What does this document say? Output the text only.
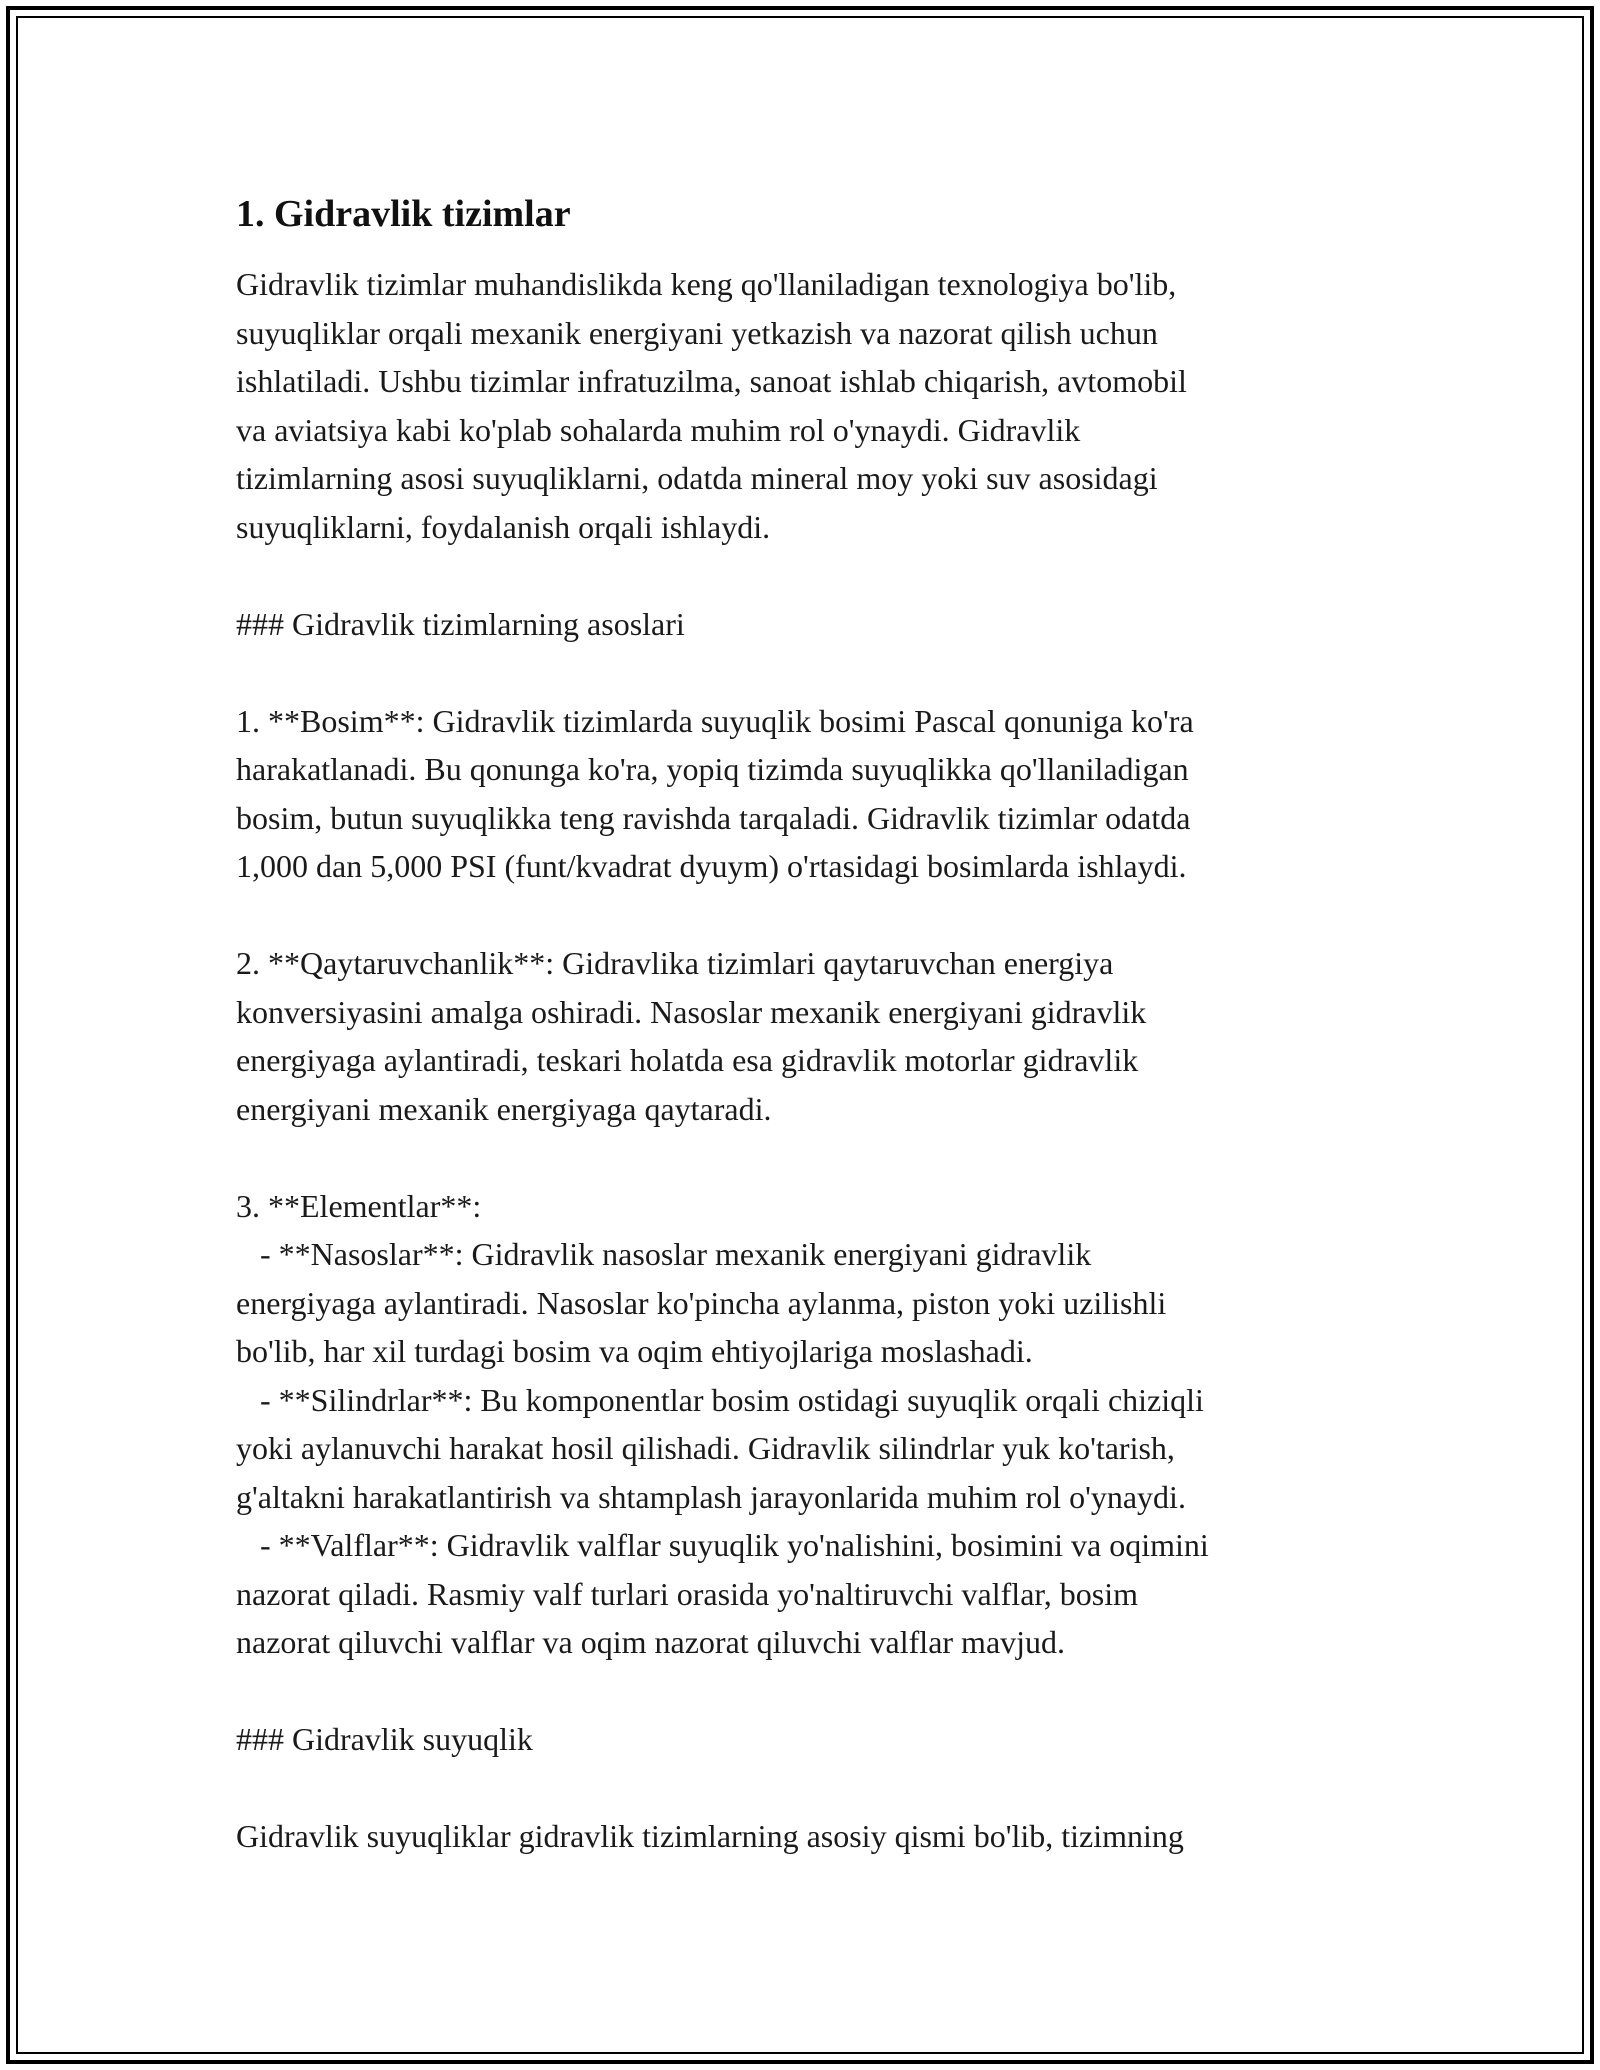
1. Gidravlik tizimlar

Gidravlik tizimlar muhandislikda keng qo'llaniladigan texnologiya bo'lib,
suyuqliklar orqali mexanik energiyani yetkazish va nazorat qilish uchun
ishlatiladi. Ushbu tizimlar infratuzilma, sanoat ishlab chiqarish, avtomobil
va aviatsiya kabi ko'plab sohalarda muhim rol o'ynaydi. Gidravlik
tizimlarning asosi suyuqliklarni, odatda mineral moy yoki suv asosidagi
suyuqliklarni, foydalanish orqali ishlaydi.

### Gidravlik tizimlarning asoslari

1. **Bosim**: Gidravlik tizimlarda suyuqlik bosimi Pascal qonuniga ko'ra
harakatlanadi. Bu qonunga ko'ra, yopiq tizimda suyuqlikka qo'llaniladigan
bosim, butun suyuqlikka teng ravishda tarqaladi. Gidravlik tizimlar odatda
1,000 dan 5,000 PSI (funt/kvadrat dyuym) o'rtasidagi bosimlarda ishlaydi.

2. **Qaytaruvchanlik**: Gidravlika tizimlari qaytaruvchan energiya
konversiyasini amalga oshiradi. Nasoslar mexanik energiyani gidravlik
energiyaga aylantiradi, teskari holatda esa gidravlik motorlar gidravlik
energiyani mexanik energiyaga qaytaradi.

3. **Elementlar**:
- **Nasoslar**: Gidravlik nasoslar mexanik energiyani gidravlik
energiyaga aylantiradi. Nasoslar ko'pincha aylanma, piston yoki uzilishli
bo'lib, har xil turdagi bosim va oqim ehtiyojlariga moslashadi.
- **Silindrlar**: Bu komponentlar bosim ostidagi suyuqlik orqali chiziqli
yoki aylanuvchi harakat hosil qilishadi. Gidravlik silindrlar yuk ko'tarish,
g'altakni harakatlantirish va shtamplash jarayonlarida muhim rol o'ynaydi.
- **Valflar**: Gidravlik valflar suyuqlik yo'nalishini, bosimini va oqimini
nazorat qiladi. Rasmiy valf turlari orasida yo'naltiruvchi valflar, bosim
nazorat qiluvchi valflar va oqim nazorat qiluvchi valflar mavjud.

### Gidravlik suyuqlik

Gidravlik suyuqliklar gidravlik tizimlarning asosiy qismi bo'lib, tizimning
